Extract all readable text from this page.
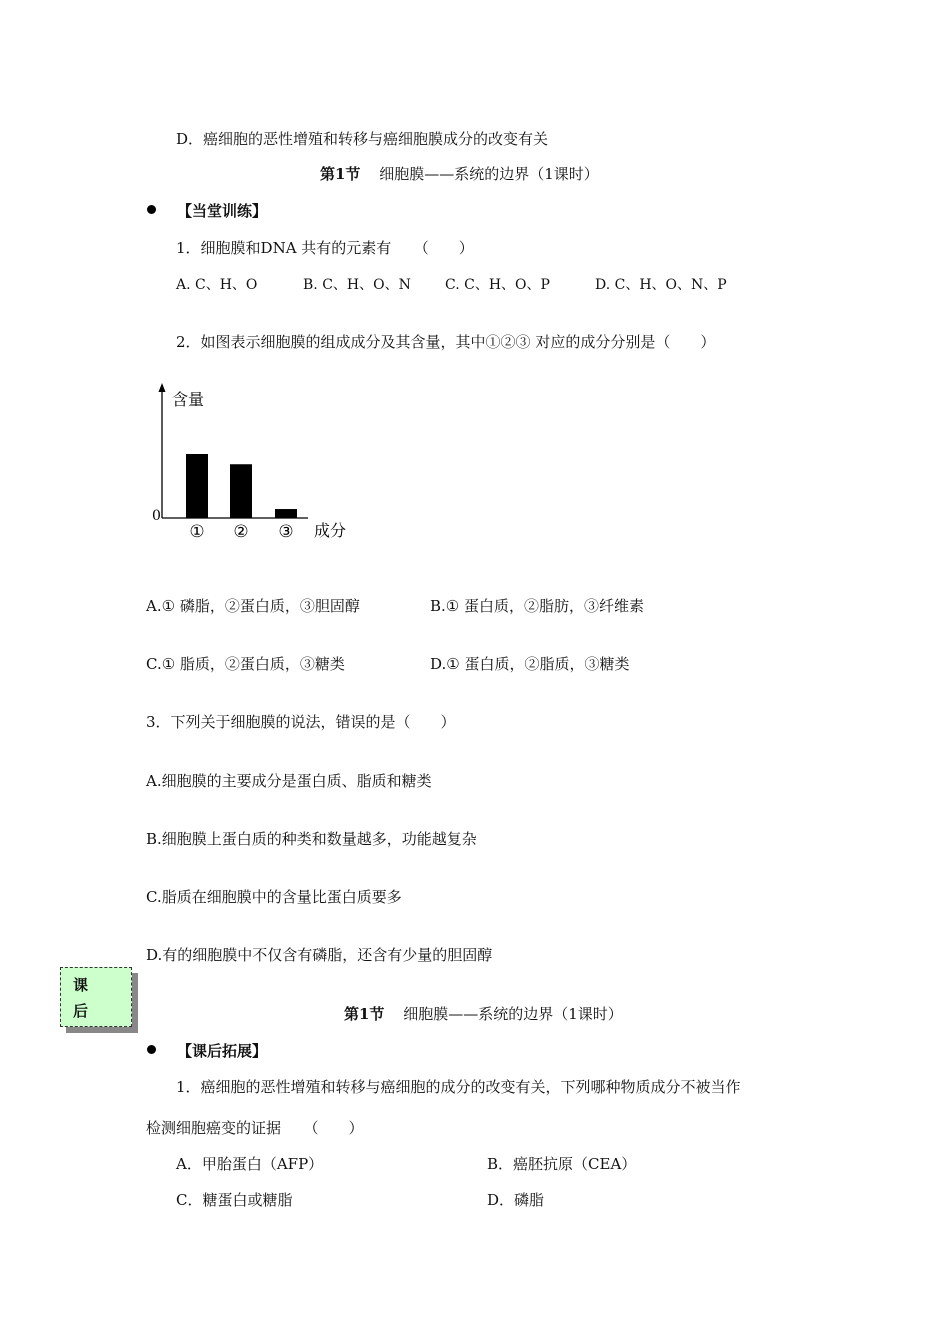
D．癌细胞的恶性增殖和转移与癌细胞膜成分的改变有关
第1节 细胞膜——系统的边界（1课时）
【当堂训练】
1．细胞膜和DNA 共有的元素有　　（　　）
A. C、H、O	B. C、H、O、N C. C、H、O、P	D. C、H、O、N、P
2．如图表示细胞膜的组成成分及其含量，其中①②③ 对应的成分分别是（　　）
含量
0
成分
① ② ③
A.① 磷脂，②蛋白质，③胆固醇	B.① 蛋白质，②脂肪，③纤维素
C.① 脂质，②蛋白质，③糖类	D.① 蛋白质，②脂质，③糖类
3．下列关于细胞膜的说法，错误的是（　　）
A.细胞膜的主要成分是蛋白质、脂质和糖类
B.细胞膜上蛋白质的种类和数量越多，功能越复杂
C.脂质在细胞膜中的含量比蛋白质要多
D.有的细胞膜中不仅含有磷脂，还含有少量的胆固醇
课
后	第1节 细胞膜——系统的边界（1课时）
【课后拓展】
1．癌细胞的恶性增殖和转移与癌细胞的成分的改变有关，下列哪种物质成分不被当作
检测细胞癌变的证据　　（　　）
A．甲胎蛋白（AFP）	B．癌胚抗原（CEA）
C．糖蛋白或糖脂	D．磷脂
